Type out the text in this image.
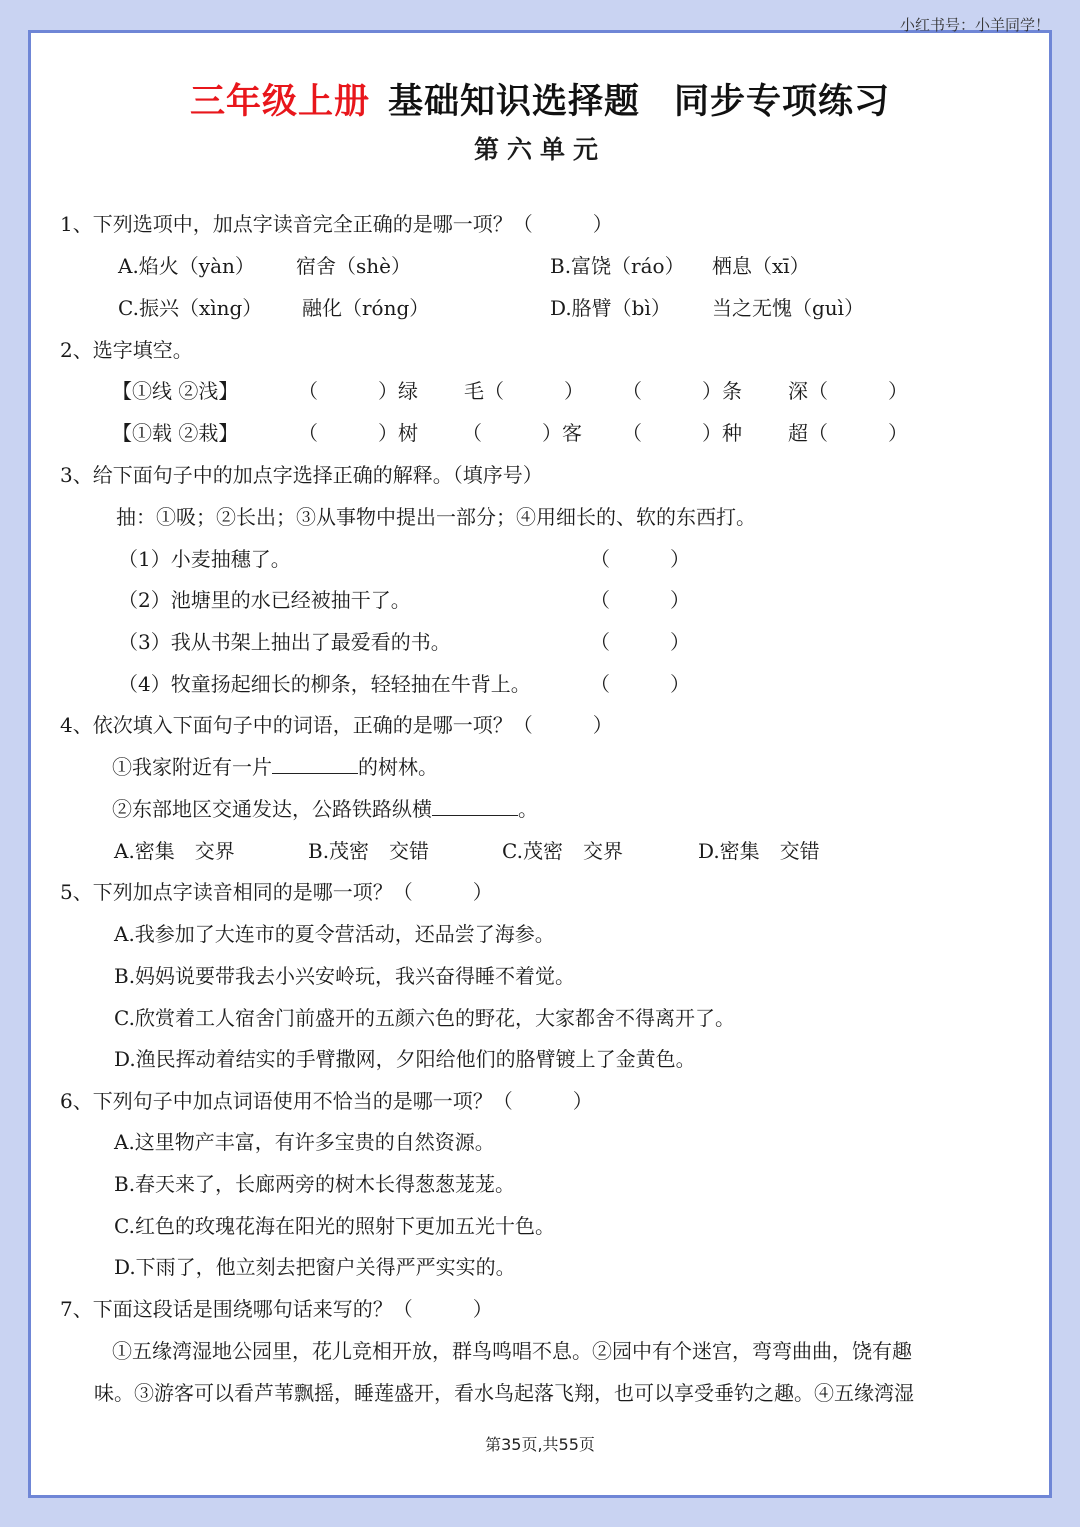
小红书号：小羊同学！
三年级上册 基础知识选择题 同步专项练习
第六单元
1、下列选项中，加点字读音完全正确的是哪一项？（　　　）
A.焰火（yàn） 宿舍（shè）	B.富饶（ráo） 栖息（xī）
C.振兴（xìng） 融化（róng）	D.胳臂（bì） 当之无愧（guì）
2、选字填空。
【①线 ②浅】	（　　　）绿 毛（　　　） （　　　）条 深（　　　）
【①载 ②栽】	（　　　）树 （　　　）客 （　　　）种 超（　　　）
3、给下面句子中的加点字选择正确的解释。（填序号）
抽：①吸；②长出；③从事物中提出一部分；④用细长的、软的东西打。
（1）小麦抽穗了。	（　　　）
（2）池塘里的水已经被抽干了。	（　　　）
（3）我从书架上抽出了最爱看的书。	（　　　）
（4）牧童扬起细长的柳条，轻轻抽在牛背上。	（　　　）
4、依次填入下面句子中的词语，正确的是哪一项？（　　　）
①我家附近有一片	的树林。
②东部地区交通发达，公路铁路纵横	。
A.密集　交界	B.茂密　交错	C.茂密　交界	D.密集　交错
5、下列加点字读音相同的是哪一项？（　　　）
A.我参加了大连市的夏令营活动，还品尝了海参。
B.妈妈说要带我去小兴安岭玩，我兴奋得睡不着觉。
C.欣赏着工人宿舍门前盛开的五颜六色的野花，大家都舍不得离开了。
D.渔民挥动着结实的手臂撒网，夕阳给他们的胳臂镀上了金黄色。
6、下列句子中加点词语使用不恰当的是哪一项？（　　　）
A.这里物产丰富，有许多宝贵的自然资源。
B.春天来了，长廊两旁的树木长得葱葱茏茏。
C.红色的玫瑰花海在阳光的照射下更加五光十色。
D.下雨了，他立刻去把窗户关得严严实实的。
7、下面这段话是围绕哪句话来写的？（　　　）
①五缘湾湿地公园里，花儿竞相开放，群鸟鸣唱不息。②园中有个迷宫，弯弯曲曲，饶有趣
味。③游客可以看芦苇飘摇，睡莲盛开，看水鸟起落飞翔，也可以享受垂钓之趣。④五缘湾湿
第35页,共55页
